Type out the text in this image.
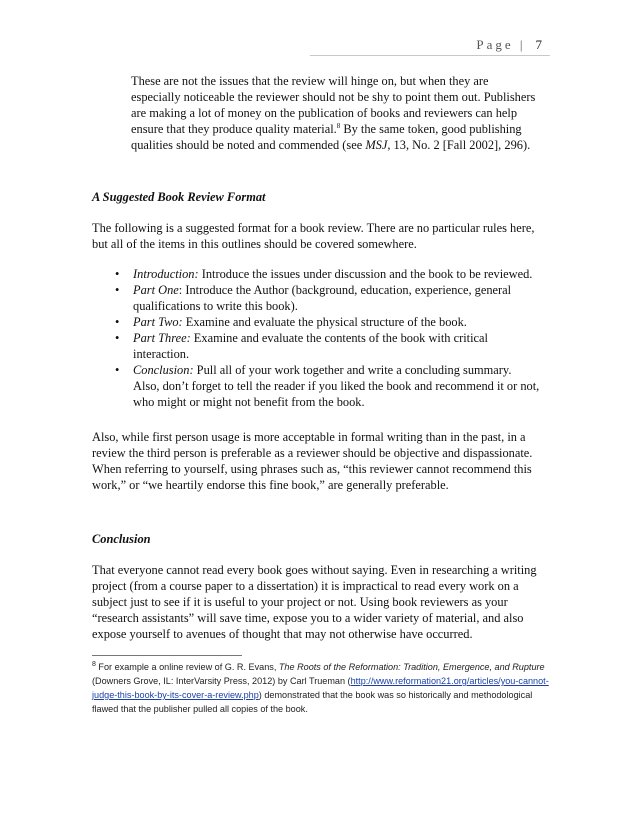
Page | 7
These are not the issues that the review will hinge on, but when they are especially noticeable the reviewer should not be shy to point them out. Publishers are making a lot of money on the publication of books and reviewers can help ensure that they produce quality material.$^8$ By the same token, good publishing qualities should be noted and commended (see MSJ, 13, No. 2 [Fall 2002], 296).
A Suggested Book Review Format
The following is a suggested format for a book review. There are no particular rules here, but all of the items in this outlines should be covered somewhere.
• Introduction: Introduce the issues under discussion and the book to be reviewed.
• Part One: Introduce the Author (background, education, experience, general qualifications to write this book).
• Part Two: Examine and evaluate the physical structure of the book.
• Part Three: Examine and evaluate the contents of the book with critical interaction.
• Conclusion: Pull all of your work together and write a concluding summary. Also, don’t forget to tell the reader if you liked the book and recommend it or not, who might or might not benefit from the book.
Also, while first person usage is more acceptable in formal writing than in the past, in a review the third person is preferable as a reviewer should be objective and dispassionate. When referring to yourself, using phrases such as, “this reviewer cannot recommend this work,” or “we heartily endorse this fine book,” are generally preferable.
Conclusion
That everyone cannot read every book goes without saying. Even in researching a writing project (from a course paper to a dissertation) it is impractical to read every work on a subject just to see if it is useful to your project or not. Using book reviewers as your “research assistants” will save time, expose you to a wider variety of material, and also expose yourself to avenues of thought that may not otherwise have occurred.
$^8$ For example a online review of G. R. Evans, The Roots of the Reformation: Tradition, Emergence, and Rupture (Downers Grove, IL: InterVarsity Press, 2012) by Carl Trueman (http://www.reformation21.org/articles/you-cannot-judge-this-book-by-its-cover-a-review.php) demonstrated that the book was so historically and methodological flawed that the publisher pulled all copies of the book.
